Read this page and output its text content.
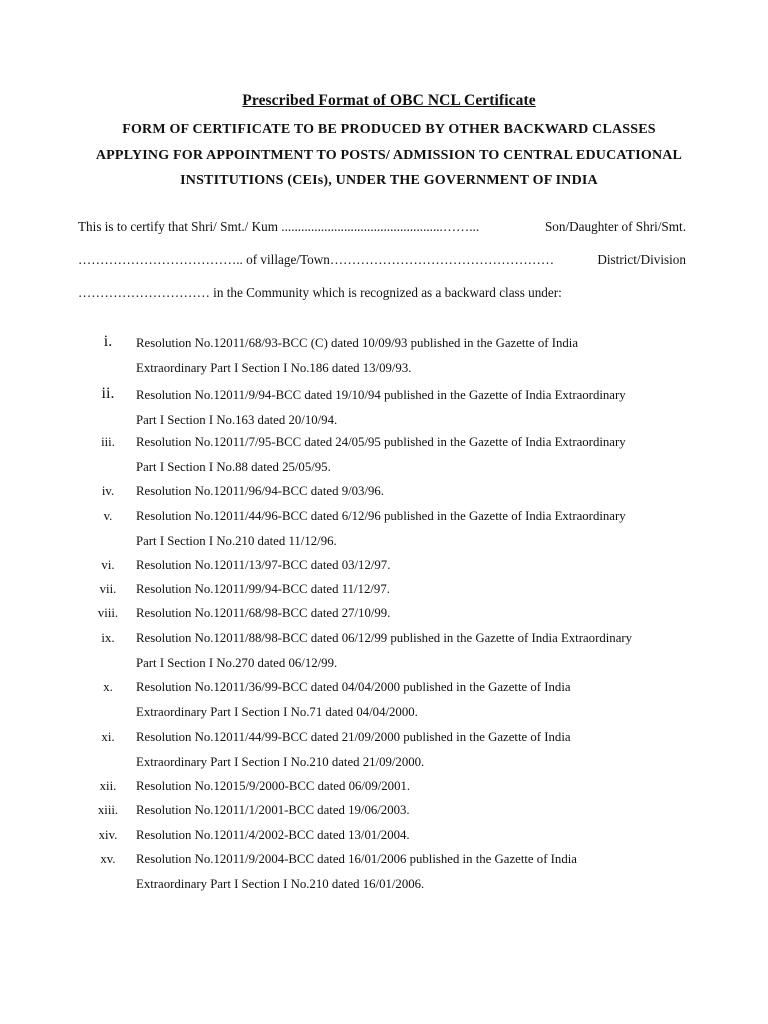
Prescribed Format of OBC NCL Certificate
FORM OF CERTIFICATE TO BE PRODUCED BY OTHER BACKWARD CLASSES
APPLYING FOR APPOINTMENT TO POSTS/ ADMISSION TO CENTRAL EDUCATIONAL
INSTITUTIONS (CEIs), UNDER THE GOVERNMENT OF INDIA
This is to certify that Shri/ Smt./ Kum .................................................……...	Son/Daughter of Shri/Smt.
……………………………….. of village/Town……………………………………………	District/Division
………………………… in the Community which is recognized as a backward class under:
i.	Resolution No.12011/68/93-BCC (C) dated 10/09/93 published in the Gazette of India
Extraordinary Part I Section I No.186 dated 13/09/93.
ii.	Resolution No.12011/9/94-BCC dated 19/10/94 published in the Gazette of India Extraordinary
Part I Section I No.163 dated 20/10/94.
iii.	Resolution No.12011/7/95-BCC dated 24/05/95 published in the Gazette of India Extraordinary
Part I Section I No.88 dated 25/05/95.
iv.	Resolution No.12011/96/94-BCC dated 9/03/96.
v.	Resolution No.12011/44/96-BCC dated 6/12/96 published in the Gazette of India Extraordinary
Part I Section I No.210 dated 11/12/96.
vi.	Resolution No.12011/13/97-BCC dated 03/12/97.
vii.	Resolution No.12011/99/94-BCC dated 11/12/97.
viii.	Resolution No.12011/68/98-BCC dated 27/10/99.
ix.	Resolution No.12011/88/98-BCC dated 06/12/99 published in the Gazette of India Extraordinary
Part I Section I No.270 dated 06/12/99.
x.	Resolution No.12011/36/99-BCC dated 04/04/2000 published in the Gazette of India
Extraordinary Part I Section I No.71 dated 04/04/2000.
xi.	Resolution No.12011/44/99-BCC dated 21/09/2000 published in the Gazette of India
Extraordinary Part I Section I No.210 dated 21/09/2000.
xii.	Resolution No.12015/9/2000-BCC dated 06/09/2001.
xiii.	Resolution No.12011/1/2001-BCC dated 19/06/2003.
xiv.	Resolution No.12011/4/2002-BCC dated 13/01/2004.
xv.	Resolution No.12011/9/2004-BCC dated 16/01/2006 published in the Gazette of India
Extraordinary Part I Section I No.210 dated 16/01/2006.
